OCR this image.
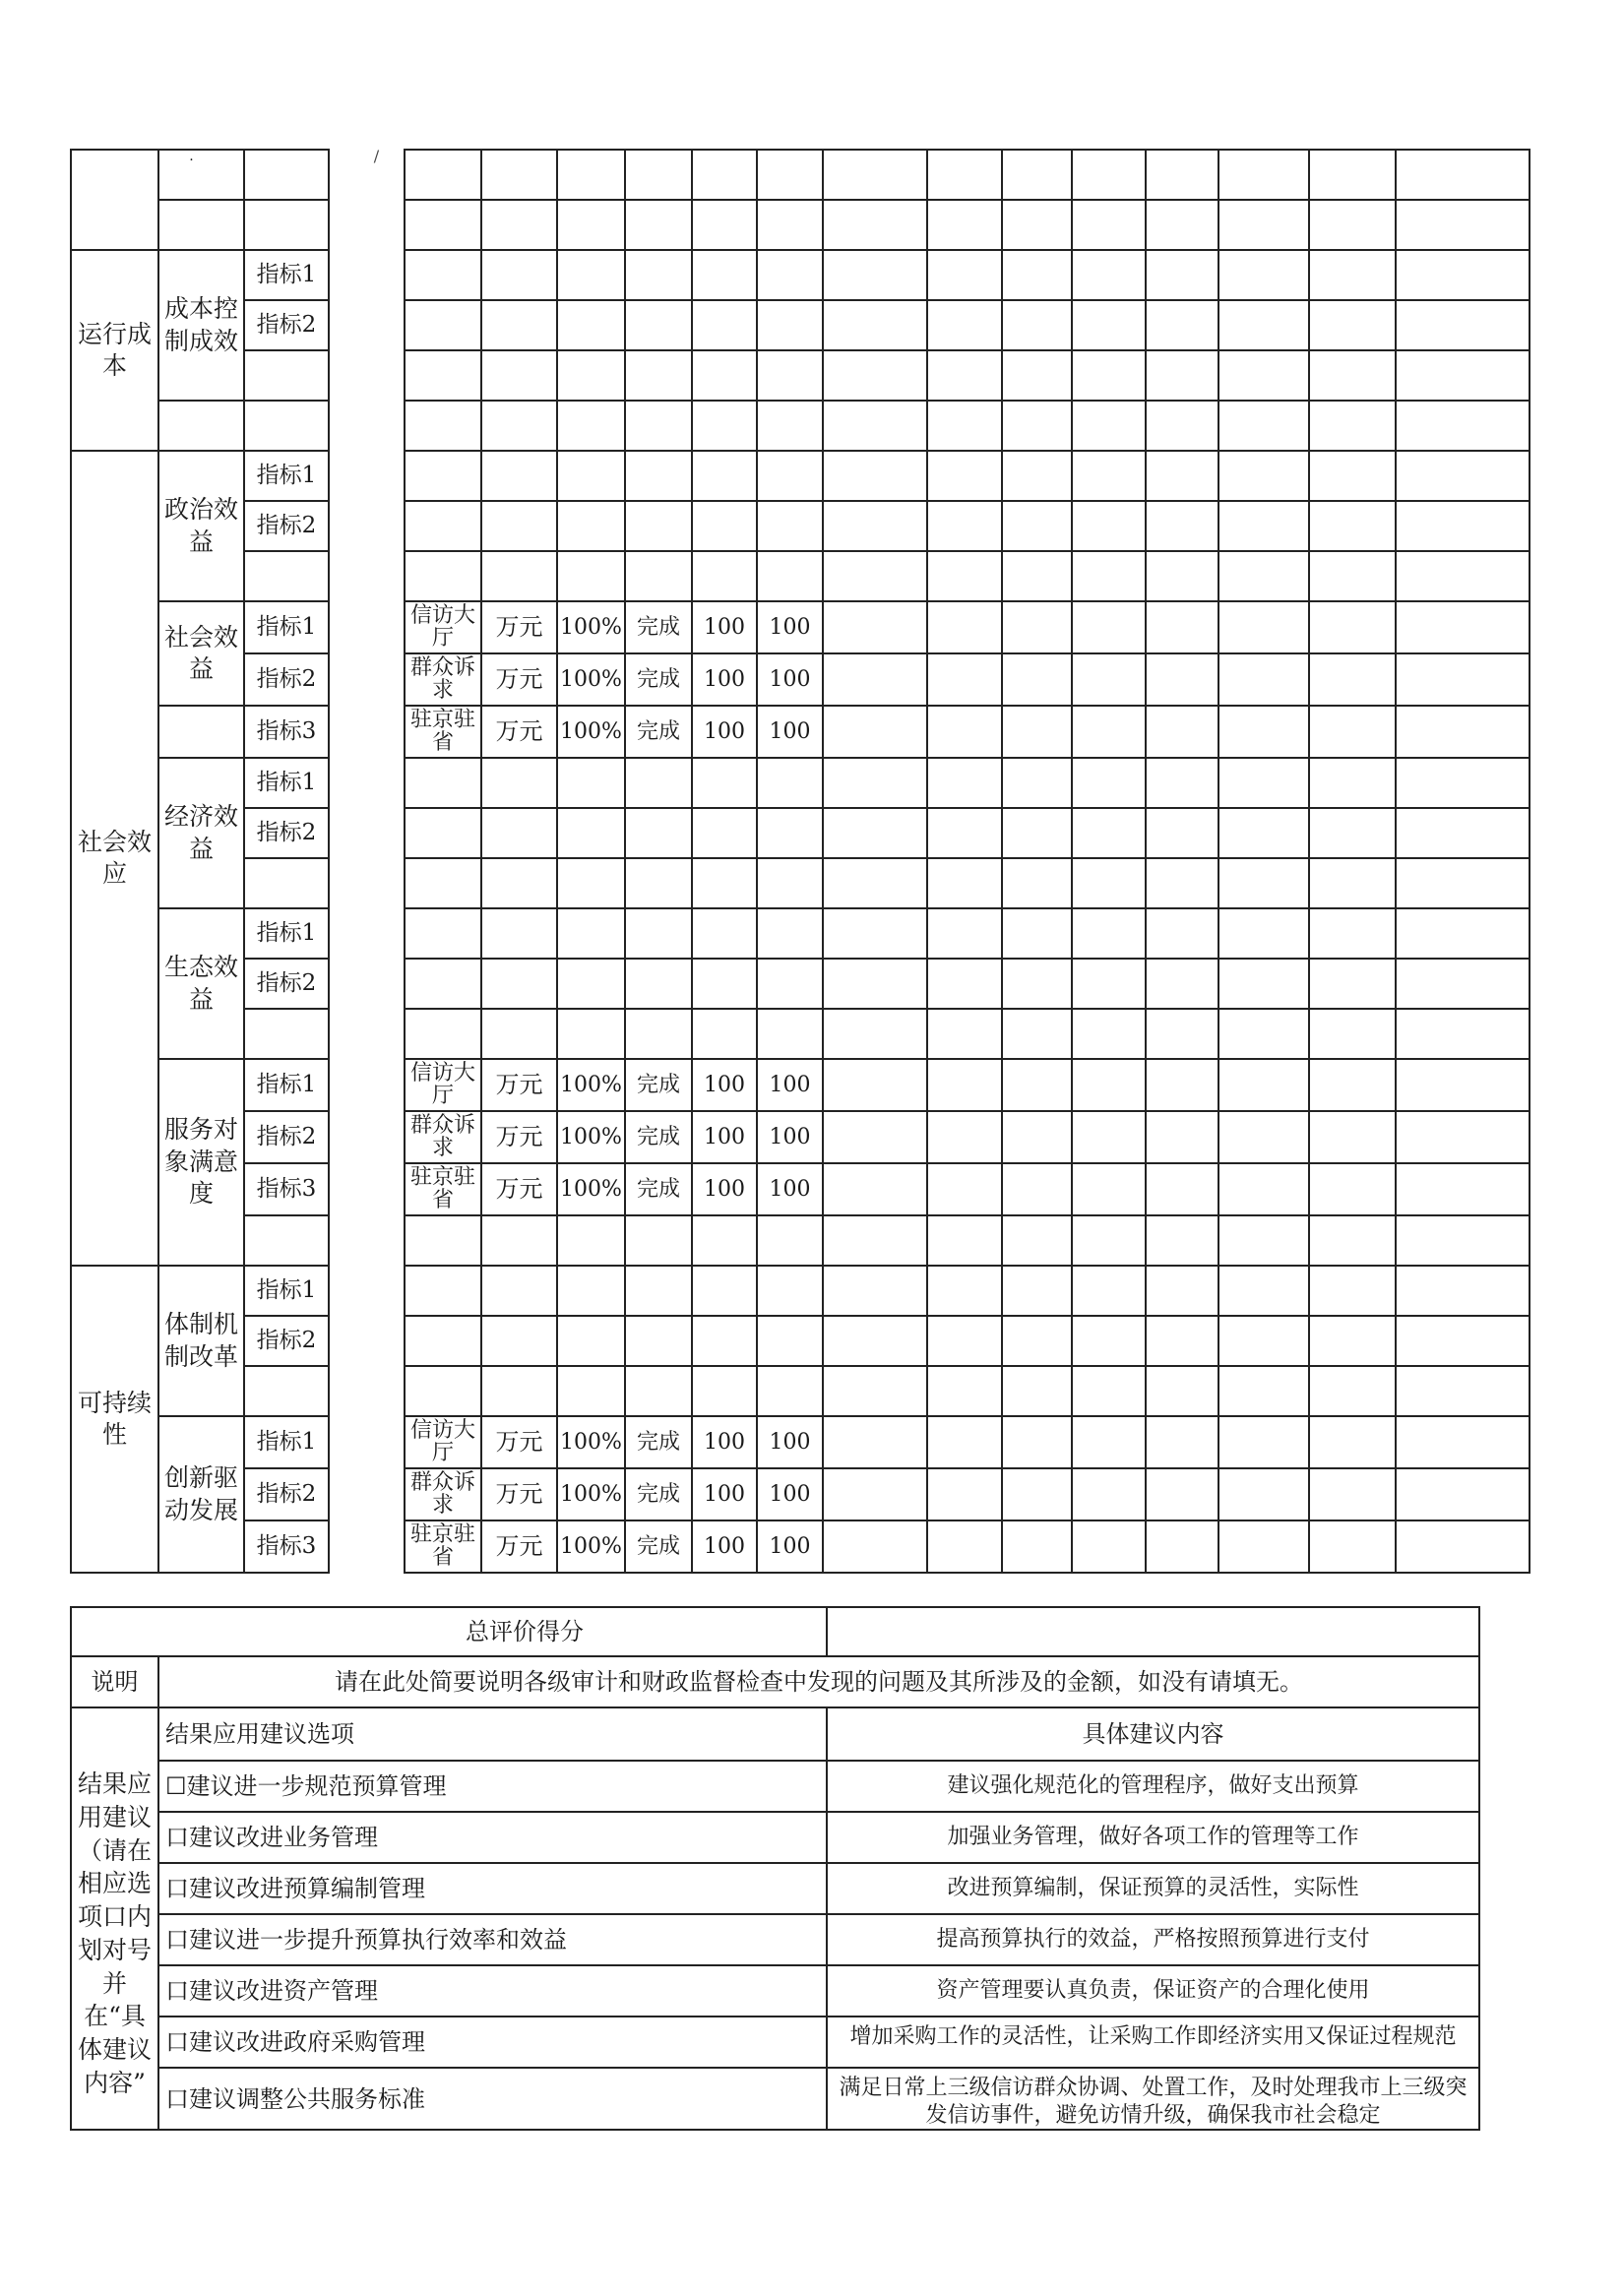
	·		/														

运行成本	成本控制成效	指标1															
		指标2															

社会效应	政治效益	指标1															
		指标2															

	社会效益	指标1		信访大厅	万元	100%	完成	100	100								
		指标2		群众诉求	万元	100%	完成	100	100								
		指标3		驻京驻省	万元	100%	完成	100	100								
	经济效益	指标1															
		指标2															

	生态效益	指标1															
		指标2															

	服务对象满意度	指标1		信访大厅	万元	100%	完成	100	100								
		指标2		群众诉求	万元	100%	完成	100	100								
		指标3		驻京驻省	万元	100%	完成	100	100								

可持续性	体制机制改革	指标1															
		指标2															

	创新驱动发展	指标1		信访大厅	万元	100%	完成	100	100								
		指标2		群众诉求	万元	100%	完成	100	100								
		指标3		驻京驻省	万元	100%	完成	100	100								
总评价得分		
说明	请在此处简要说明各级审计和财政监督检查中发现的问题及其所涉及的金额，如没有请填无。	
结果应用建议（请在相应选项口内划对号并在“具体建议内容”	结果应用建议选项	具体建议内容
	☐建议进一步规范预算管理	建议强化规范化的管理程序，做好支出预算
	口建议改进业务管理	加强业务管理，做好各项工作的管理等工作
	口建议改进预算编制管理	改进预算编制，保证预算的灵活性，实际性
	口建议进一步提升预算执行效率和效益	提高预算执行的效益，严格按照预算进行支付
	口建议改进资产管理	资产管理要认真负责，保证资产的合理化使用
	口建议改进政府采购管理	增加采购工作的灵活性，让采购工作即经济实用又保证过程规范
	口建议调整公共服务标准	满足日常上三级信访群众协调、处置工作，及时处理我市上三级突发信访事件，避免访情升级，确保我市社会稳定
